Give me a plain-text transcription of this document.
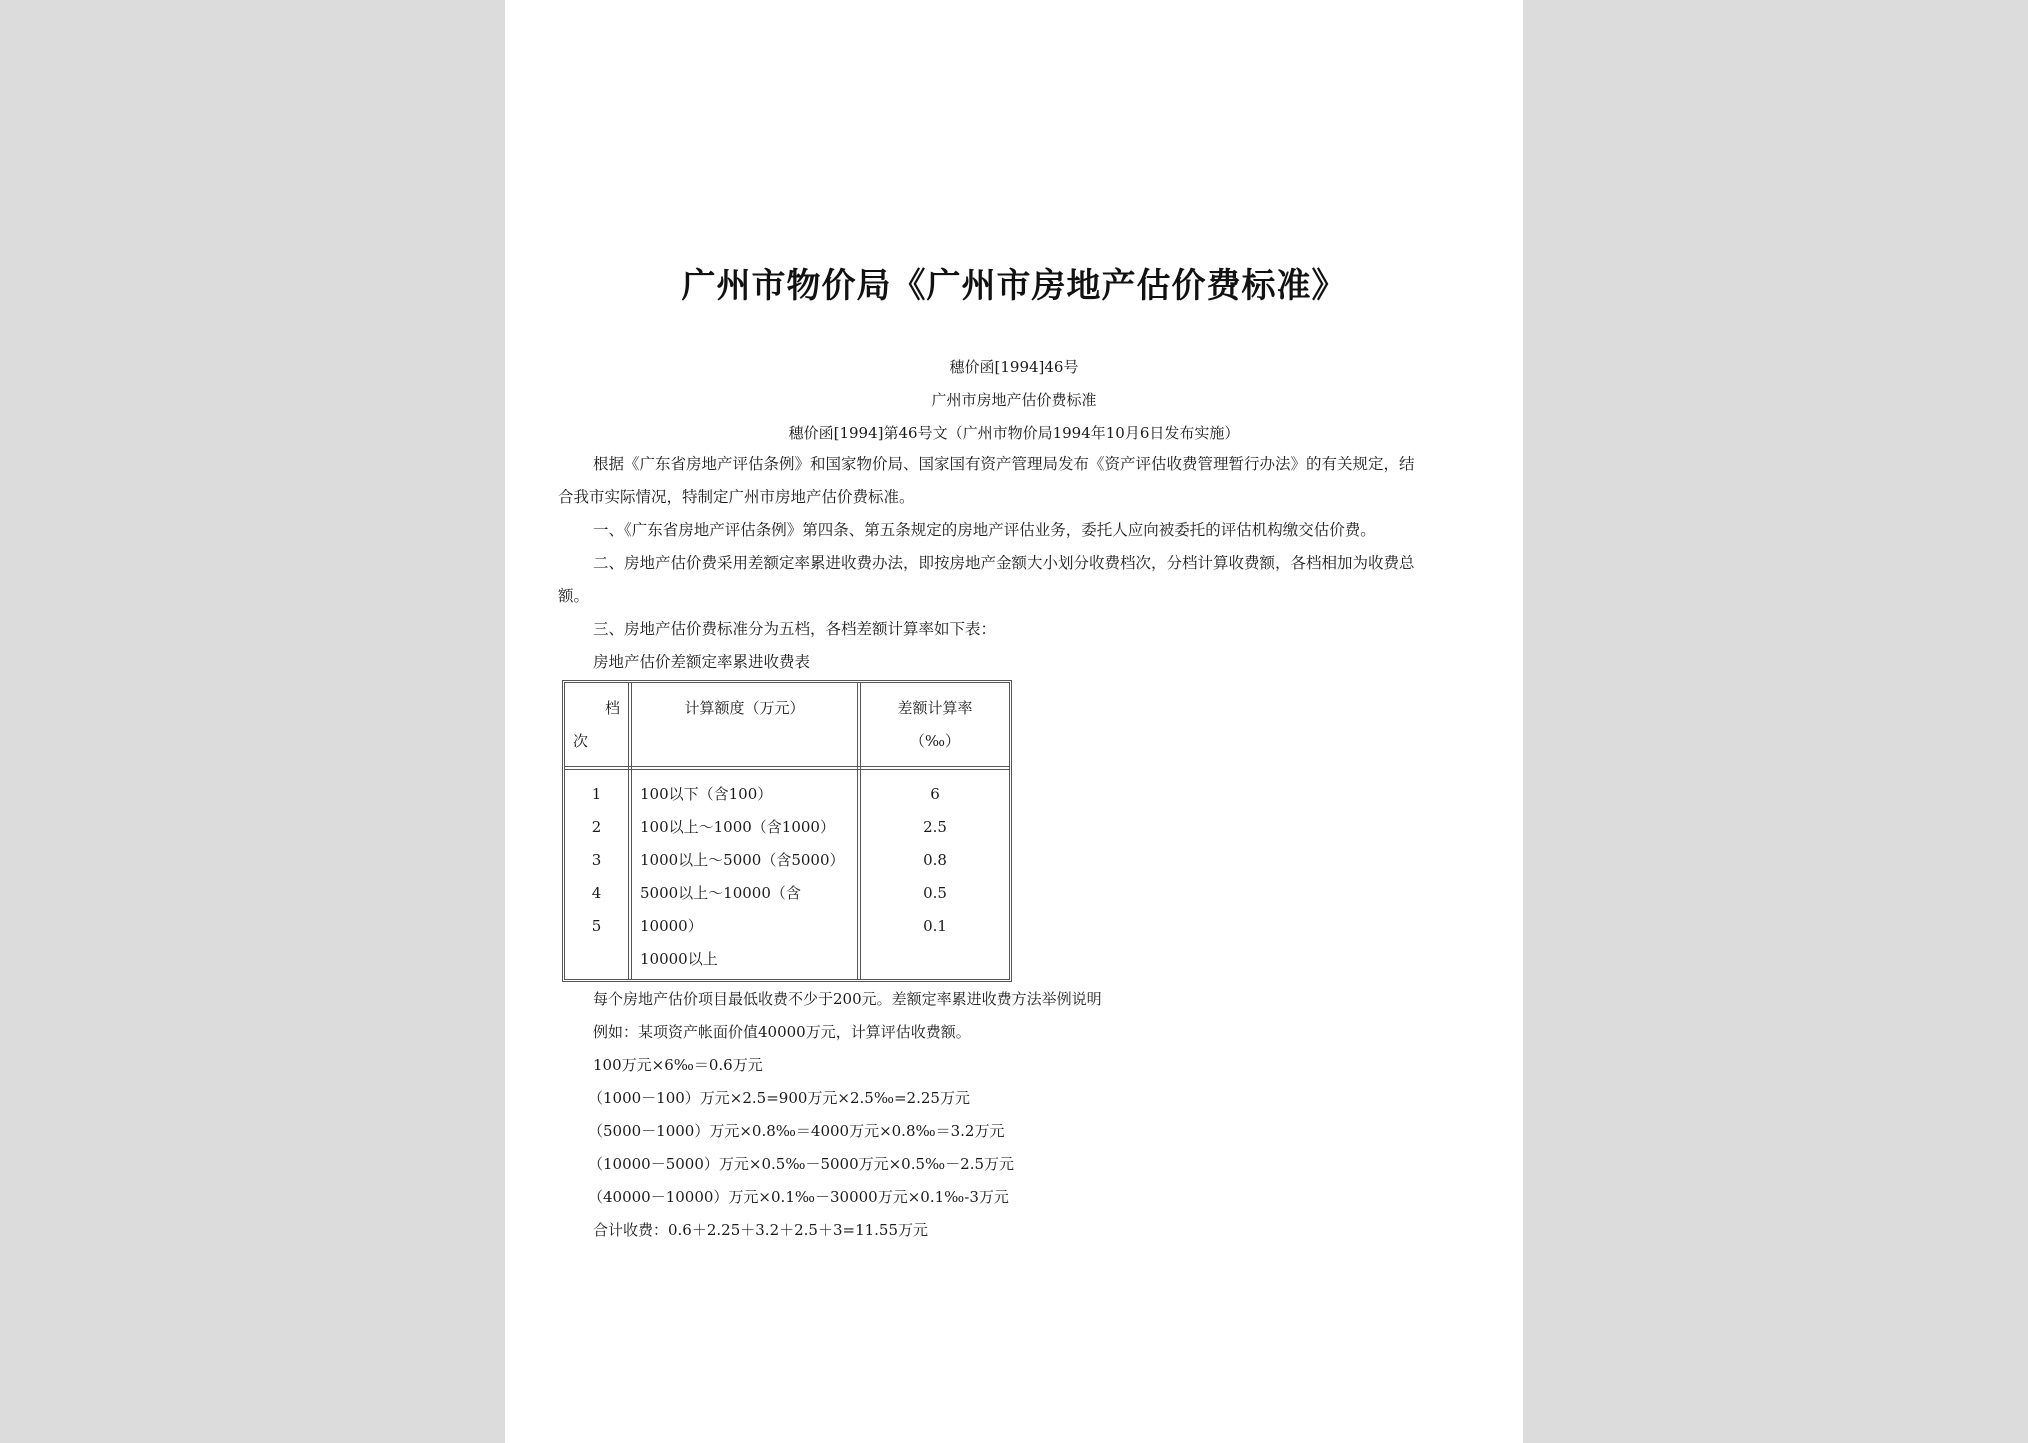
广州市物价局《广州市房地产估价费标准》
穗价函[1994]46号
广州市房地产估价费标准
穗价函[1994]第46号文（广州市物价局1994年10月6日发布实施）
根据《广东省房地产评估条例》和国家物价局、国家国有资产管理局发布《资产评估收费管理暂行办法》的有关规定，结
合我市实际情况，特制定广州市房地产估价费标准。
一、《广东省房地产评估条例》第四条、第五条规定的房地产评估业务，委托人应向被委托的评估机构缴交估价费。
二、房地产估价费采用差额定率累进收费办法，即按房地产金额大小划分收费档次，分档计算收费额，各档相加为收费总
额。
三、房地产估价费标准分为五档，各档差额计算率如下表：
房地产估价差额定率累进收费表
档
次
计算额度（万元）	差额计算率
（‰）
1
2
3
4
5
100以下（含100）
100以上～1000（含1000）
1000以上～5000（含5000）
5000以上～10000（含
10000）
10000以上
6
2.5
0.8
0.5
0.1
每个房地产估价项目最低收费不少于200元。差额定率累进收费方法举例说明
例如：某项资产帐面价值40000万元，计算评估收费额。
100万元×6‰＝0.6万元
（1000－100）万元×2.5=900万元×2.5‰=2.25万元
（5000－1000）万元×0.8‰＝4000万元×0.8‰＝3.2万元
（10000－5000）万元×0.5‰－5000万元×0.5‰－2.5万元
（40000－10000）万元×0.1‰－30000万元×0.1‰-3万元
合计收费：0.6＋2.25＋3.2＋2.5＋3=11.55万元
